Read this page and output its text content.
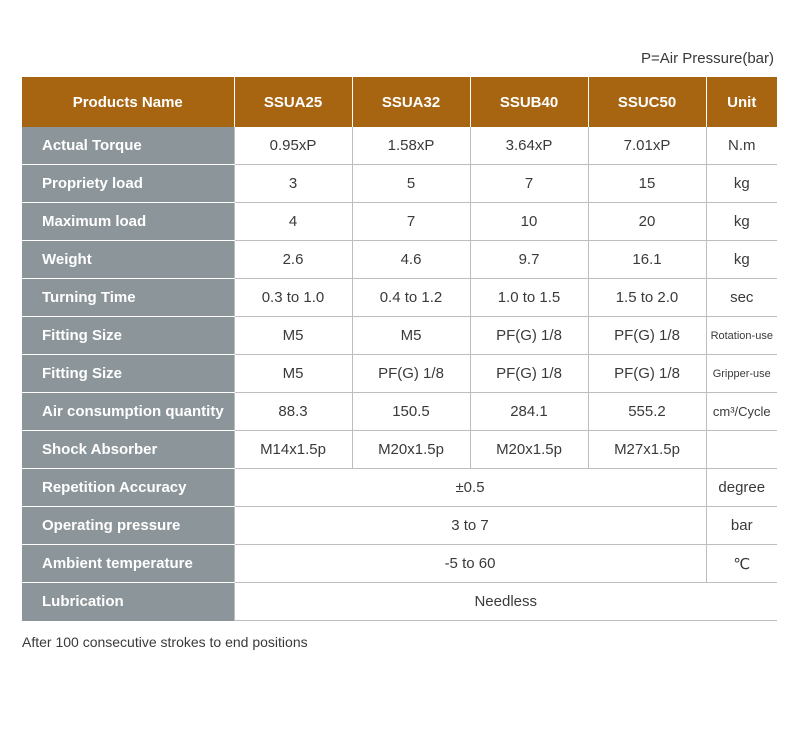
P=Air Pressure(bar)
Products Name	SSUA25	SSUA32	SSUB40	SSUC50	Unit
Actual Torque	0.95xP	1.58xP	3.64xP	7.01xP	N.m
Propriety load	3	5	7	15	kg
Maximum load	4	7	10	20	kg
Weight	2.6	4.6	9.7	16.1	kg
Turning Time	0.3 to 1.0	0.4 to 1.2	1.0 to 1.5	1.5 to 2.0	sec
Fitting Size	M5	M5	PF(G) 1/8	PF(G) 1/8	Rotation-use
Fitting Size	M5	PF(G) 1/8	PF(G) 1/8	PF(G) 1/8	Gripper-use
Air consumption quantity	88.3	150.5	284.1	555.2	cm³/Cycle
Shock Absorber	M14x1.5p	M20x1.5p	M20x1.5p	M27x1.5p	
Repetition Accuracy	±0.5				degree
Operating pressure	3 to 7				bar
Ambient temperature	-5 to 60				℃
Lubrication	Needless				
After 100 consecutive strokes to end positions
